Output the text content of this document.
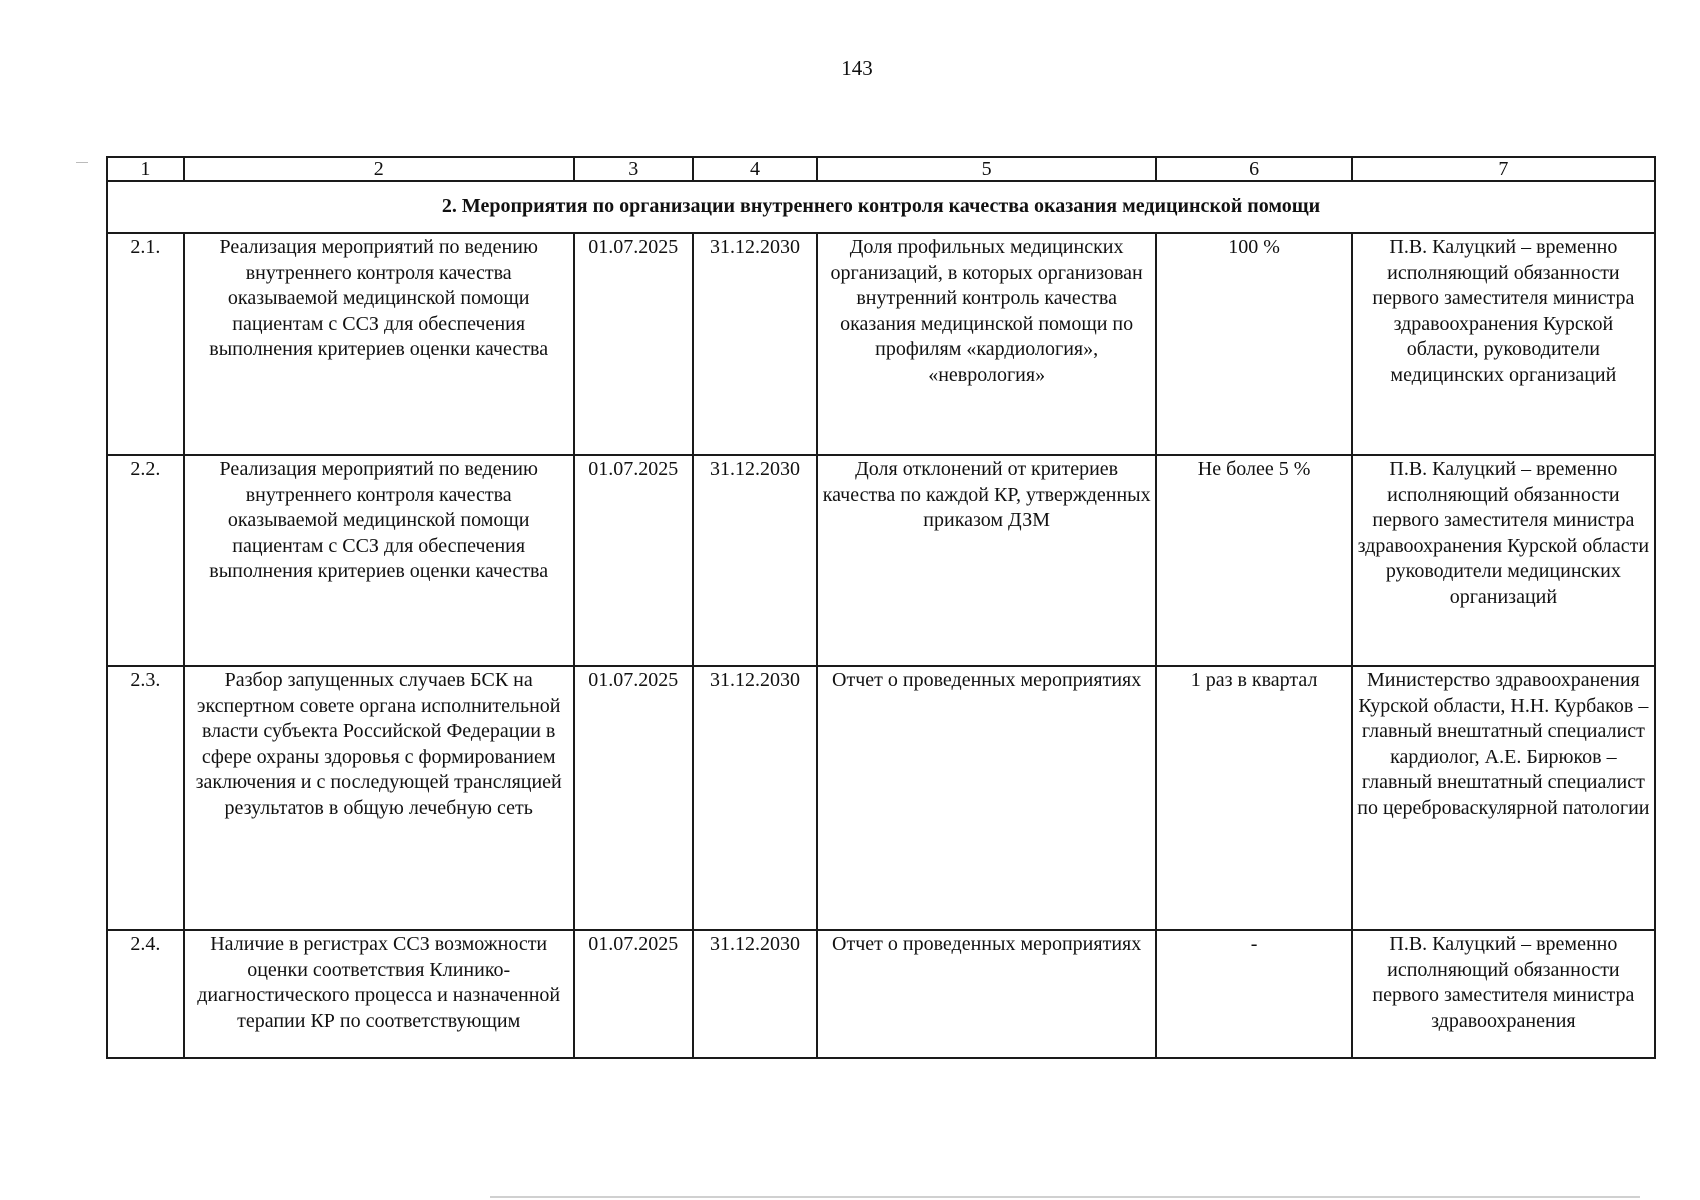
143
1	2	3	4	5	6	7
2. Мероприятия по организации внутреннего контроля качества оказания медицинской помощи						
2.1.	Реализация мероприятий по ведению внутреннего контроля качества оказываемой медицинской помощи пациентам с ССЗ для обеспечения выполнения критериев оценки качества	01.07.2025	31.12.2030	Доля профильных медицинских организаций, в которых организован внутренний контроль качества оказания медицинской помощи по профилям «кардиология», «неврология»	100 %	П.В. Калуцкий – временно исполняющий обязанности первого заместителя министра здравоохранения Курской области, руководители медицинских организаций
2.2.	Реализация мероприятий по ведению внутреннего контроля качества оказываемой медицинской помощи пациентам с ССЗ для обеспечения выполнения критериев оценки качества	01.07.2025	31.12.2030	Доля отклонений от критериев качества по каждой КР, утвержденных приказом ДЗМ	Не более 5 %	П.В. Калуцкий – временно исполняющий обязанности первого заместителя министра здравоохранения Курской области руководители медицинских организаций
2.3.	Разбор запущенных случаев БСК на экспертном совете органа исполнительной власти субъекта Российской Федерации в сфере охраны здоровья с формированием заключения и с последующей трансляцией результатов в общую лечебную сеть	01.07.2025	31.12.2030	Отчет о проведенных мероприятиях	1 раз в квартал	Министерство здравоохранения Курской области, Н.Н. Курбаков – главный внештатный специалист кардиолог, А.Е. Бирюков – главный внештатный специалист по цереброваскулярной патологии
2.4.	Наличие в регистрах ССЗ возможности оценки соответствия Клинико-диагностического процесса и назначенной терапии КР по соответствующим	01.07.2025	31.12.2030	Отчет о проведенных мероприятиях	-	П.В. Калуцкий – временно исполняющий обязанности первого заместителя министра здравоохранения
